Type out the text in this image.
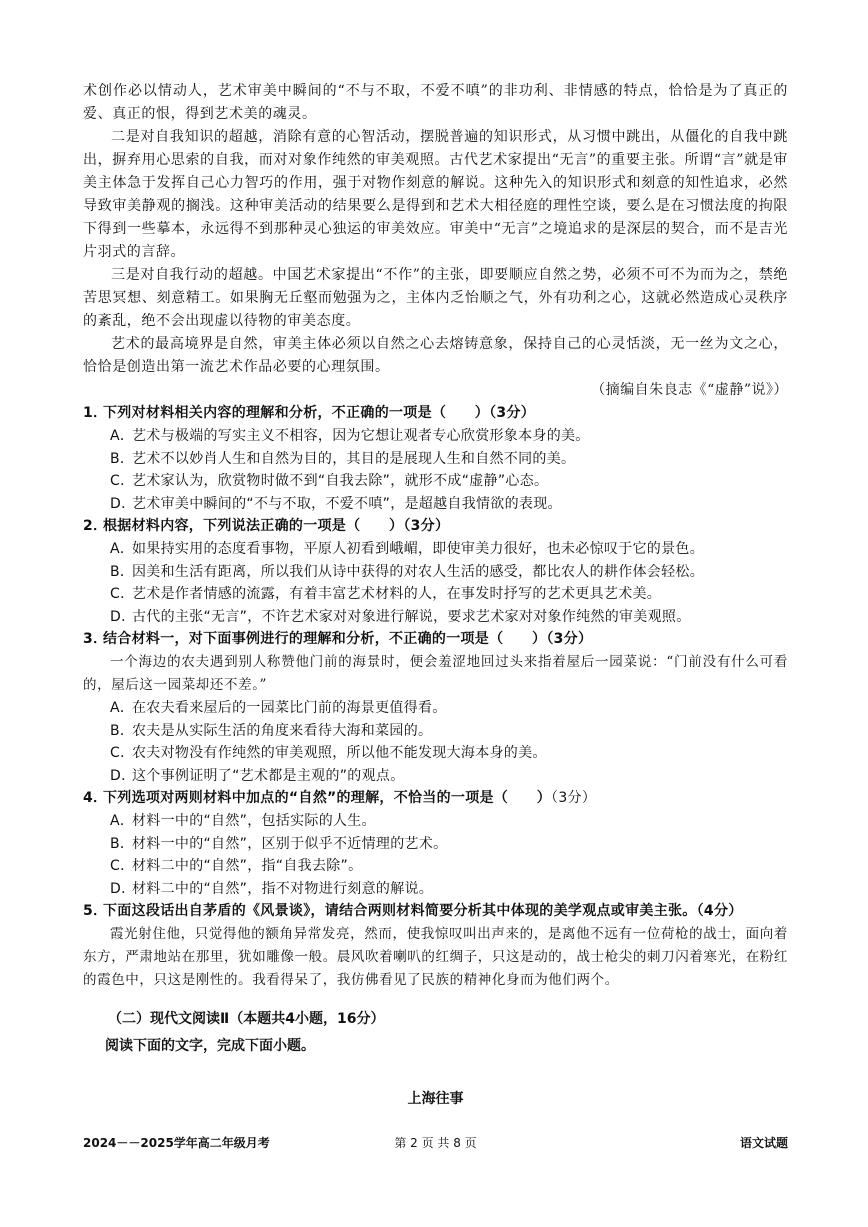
术创作必以情动人，艺术审美中瞬间的“不与不取，不爱不嗔”的非功利、非情感的特点，恰恰是为了真正的爱、真正的恨，得到艺术美的魂灵。

二是对自我知识的超越，消除有意的心智活动，摆脱普遍的知识形式，从习惯中跳出，从僵化的自我中跳出，摒弃用心思索的自我，而对对象作纯然的审美观照。古代艺术家提出“无言”的重要主张。所谓“言”就是审美主体急于发挥自己心力智巧的作用，强于对物作刻意的解说。这种先入的知识形式和刻意的知性追求，必然导致审美静观的搁浅。这种审美活动的结果要么是得到和艺术大相径庭的理性空谈，要么是在习惯法度的拘限下得到一些摹本，永远得不到那种灵心独运的审美效应。审美中“无言”之境追求的是深层的契合，而不是吉光片羽式的言辞。

三是对自我行动的超越。中国艺术家提出“不作”的主张，即要顺应自然之势，必须不可不为而为之，禁绝苦思冥想、刻意精工。如果胸无丘壑而勉强为之，主体内乏怡顺之气，外有功利之心，这就必然造成心灵秩序的紊乱，绝不会出现虚以待物的审美态度。

艺术的最高境界是自然，审美主体必须以自然之心去熔铸意象，保持自己的心灵恬淡，无一丝为文之心，恰恰是创造出第一流艺术作品必要的心理氛围。

（摘编自朱良志《“虚静”说》）

1．下列对材料相关内容的理解和分析，不正确的一项是（　　）（3分）

A．艺术与极端的写实主义不相容，因为它想让观者专心欣赏形象本身的美。

B．艺术不以妙肖人生和自然为目的，其目的是展现人生和自然不同的美。

C．艺术家认为，欣赏物时做不到“自我去除”，就形不成“虚静”心态。

D．艺术审美中瞬间的“不与不取，不爱不嗔”，是超越自我情欲的表现。

2．根据材料内容，下列说法正确的一项是（　　）（3分）

A．如果持实用的态度看事物，平原人初看到峨嵋，即使审美力很好，也未必惊叹于它的景色。

B．因美和生活有距离，所以我们从诗中获得的对农人生活的感受，都比农人的耕作体会轻松。

C．艺术是作者情感的流露，有着丰富艺术材料的人，在事发时抒写的艺术更具艺术美。

D．古代的主张“无言”，不许艺术家对对象进行解说，要求艺术家对对象作纯然的审美观照。

3．结合材料一，对下面事例进行的理解和分析，不正确的一项是（　　）（3分）

一个海边的农夫遇到别人称赞他门前的海景时，便会羞涩地回过头来指着屋后一园菜说：“门前没有什么可看的，屋后这一园菜却还不差。”

A．在农夫看来屋后的一园菜比门前的海景更值得看。

B．农夫是从实际生活的角度来看待大海和菜园的。

C．农夫对物没有作纯然的审美观照，所以他不能发现大海本身的美。

D．这个事例证明了“艺术都是主观的”的观点。

4．下列选项对两则材料中加点的“自然”的理解，不恰当的一项是（　　）（3分）

A．材料一中的“自然”，包括实际的人生。

B．材料一中的“自然”，区别于似乎不近情理的艺术。

C．材料二中的“自然”，指“自我去除”。

D．材料二中的“自然”，指不对物进行刻意的解说。

5．下面这段话出自茅盾的《风景谈》，请结合两则材料简要分析其中体现的美学观点或审美主张。（4分）

霞光射住他，只觉得他的额角异常发亮，然而，使我惊叹叫出声来的，是离他不远有一位荷枪的战士，面向着东方，严肃地站在那里，犹如雕像一般。晨风吹着喇叭的红绸子，只这是动的，战士枪尖的刺刀闪着寒光，在粉红的霞色中，只这是刚性的。我看得呆了，我仿佛看见了民族的精神化身而为他们两个。

（二）现代文阅读Ⅱ（本题共4小题，16分）

阅读下面的文字，完成下面小题。

上海往事

2024－－2025学年高二年级月考	第 2 页 共 8 页	语文试题
